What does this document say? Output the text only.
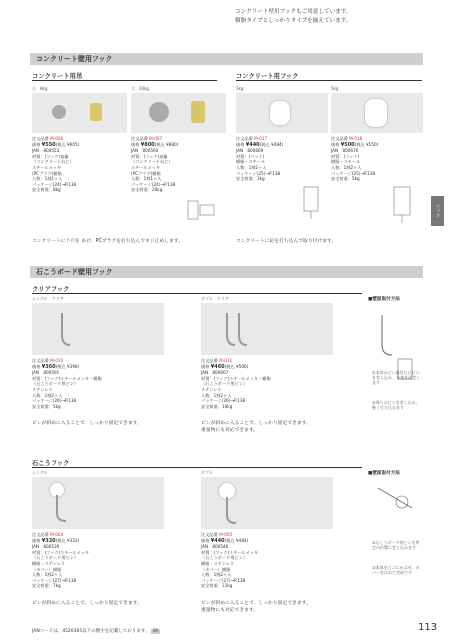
コンクリート壁用フックもご用意しています。
樹脂タイプとしっかりタイプを揃えています。
コンクリート壁用フック
コンクリート用吊	コンクリート用フック
小　8kg
注文品番 M-006
価格 ¥550(税込 ¥605)
JAN　800553
材質：(フック)真鍮
（コンクリートねじ）
スチールメッキ
(PCプラグ)樹脂
入数：1割1ヶ入
パッケージ(24)→P.138
安全荷重：8kg
大　20kg
注文品番 M-007
価格 ¥800(税込 ¥880)
JAN　800560
材質：(フック)真鍮
（コンクリートねじ）
スチールメッキ
(PCプラグ)樹脂
入数：1割1ヶ入
パッケージ(24)→P.138
安全荷重：20kg
3kg
注文品番 M-017
価格 ¥440(税込 ¥484)
JAN　800669
材質：(フック)
樹脂・スチール
入数：1割2ヶ入
パッケージ(25)→P.138
安全荷重：3kg
5kg
注文品番 M-018
価格 ¥500(税込 ¥550)
JAN　800676
材質：(フック)
樹脂・スチール
入数：1割2ヶ入
パッケージ(25)→P.138
安全荷重：5kg
コンクリートに下穴を あけ、PCプラグを打ち込んでネジ止めします。	コンクリートに釘を打ち込んで取り付けます。
フック
石こうボード壁用フック
クリアフック
シングル　クリア	ダブル　クリア	■壁面取付方法
注文品番 M-010
価格 ¥360(税込 ¥396)
JAN　800591
材質：(フック)スチールメッキ・樹脂
（石こうボード用ピン）
ステンレス
入数：1割2ヶ入
パッケージ(26)→P.138
安全荷重：5kg
注文品番 M-011
価格 ¥460(税込 ¥506)
JAN　800607
材質：(フック)スチールメッキ・樹脂
（石こうボード用ピン）
ステンレス
入数：1割2ヶ入
パッケージ(26)→P.138
安全荷重：10kg
ピンが斜めに入ることで、しっかり固定できます。	ピンが斜めに入ることで、しっかり固定できます。
重量物にも対応できます。
①本体のピン取付口にピンを差し込み、本体を固定します
②残りのピンを差し込み、軽く打ち込みます
石こうフック
シングル	ダブル	■壁面取付方法
注文品番 M-004
価格 ¥320(税込 ¥352)
JAN　800539
材質：(フック)スチールメッキ
（石こうボード用ピン）
樹脂・ステンレス
（カバー）樹脂
入数：1割2ヶ入
パッケージ(27)→P.138
安全荷重：7kg
注文品番 M-005
価格 ¥440(税込 ¥484)
JAN　800546
材質：(フック)スチールメッキ
（石こうボード用ピン）
樹脂・ステンレス
（カバー）樹脂
入数：1割2ヶ入
パッケージ(27)→P.138
安全荷重：11kg
ピンが斜めに入ることで、しっかり固定できます。	ピンが斜めに入ることで、しっかり固定できます。
重量物にも対応できます。
①石こうボード用ピンを所定の位置に差し込みます
②本体をピンにかぶせ、カバーをはめて完成です
JANコードは、4520365以下の数字を記載しております。 SY	113
